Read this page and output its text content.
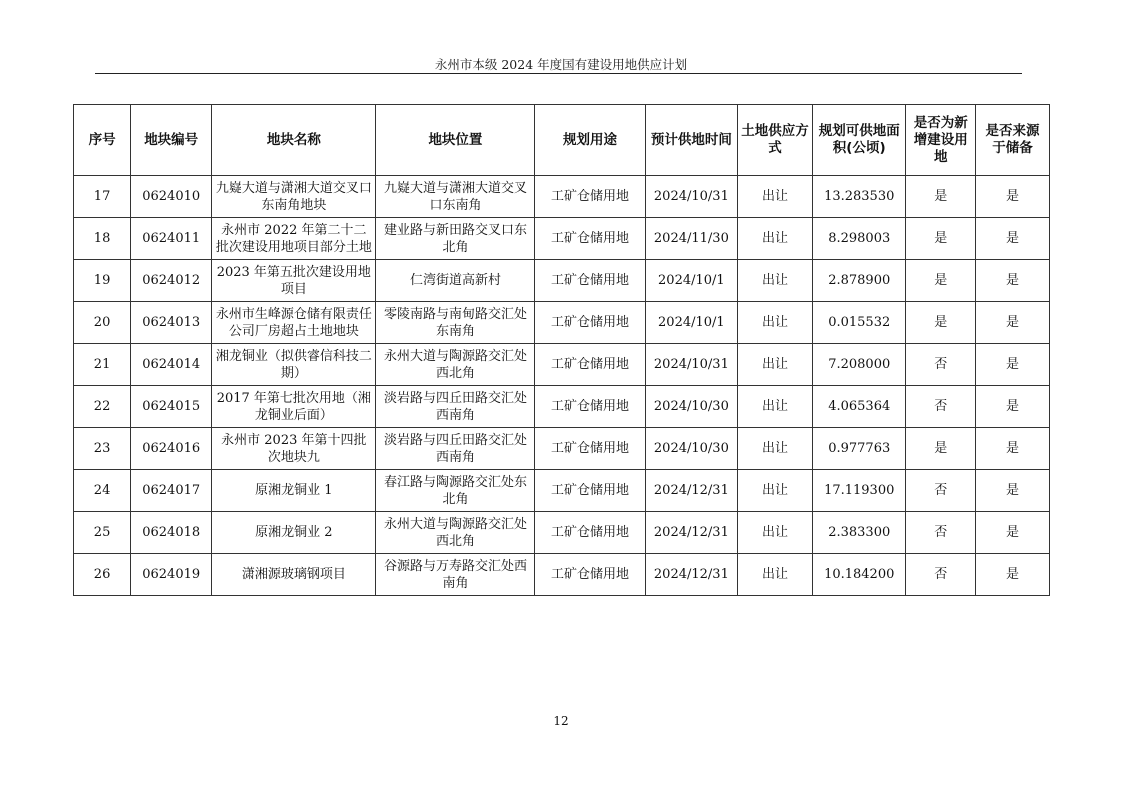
永州市本级 2024 年度国有建设用地供应计划
序号	地块编号	地块名称	地块位置	规划用途	预计供地时间	土地供应方式	规划可供地面积(公顷)	是否为新增建设用地	是否来源于储备
17	0624010	九嶷大道与潇湘大道交叉口东南角地块	九嶷大道与潇湘大道交叉口东南角	工矿仓储用地	2024/10/31	出让	13.283530	是	是
18	0624011	永州市 2022 年第二十二批次建设用地项目部分土地	建业路与新田路交叉口东北角	工矿仓储用地	2024/11/30	出让	8.298003	是	是
19	0624012	2023 年第五批次建设用地项目	仁湾街道高新村	工矿仓储用地	2024/10/1	出让	2.878900	是	是
20	0624013	永州市生峰源仓储有限责任公司厂房超占土地地块	零陵南路与南甸路交汇处东南角	工矿仓储用地	2024/10/1	出让	0.015532	是	是
21	0624014	湘龙铜业（拟供睿信科技二期）	永州大道与陶源路交汇处西北角	工矿仓储用地	2024/10/31	出让	7.208000	否	是
22	0624015	2017 年第七批次用地（湘龙铜业后面）	淡岩路与四丘田路交汇处西南角	工矿仓储用地	2024/10/30	出让	4.065364	否	是
23	0624016	永州市 2023 年第十四批次地块九	淡岩路与四丘田路交汇处西南角	工矿仓储用地	2024/10/30	出让	0.977763	是	是
24	0624017	原湘龙铜业 1	春江路与陶源路交汇处东北角	工矿仓储用地	2024/12/31	出让	17.119300	否	是
25	0624018	原湘龙铜业 2	永州大道与陶源路交汇处西北角	工矿仓储用地	2024/12/31	出让	2.383300	否	是
26	0624019	潇湘源玻璃钢项目	谷源路与万寿路交汇处西南角	工矿仓储用地	2024/12/31	出让	10.184200	否	是
12
